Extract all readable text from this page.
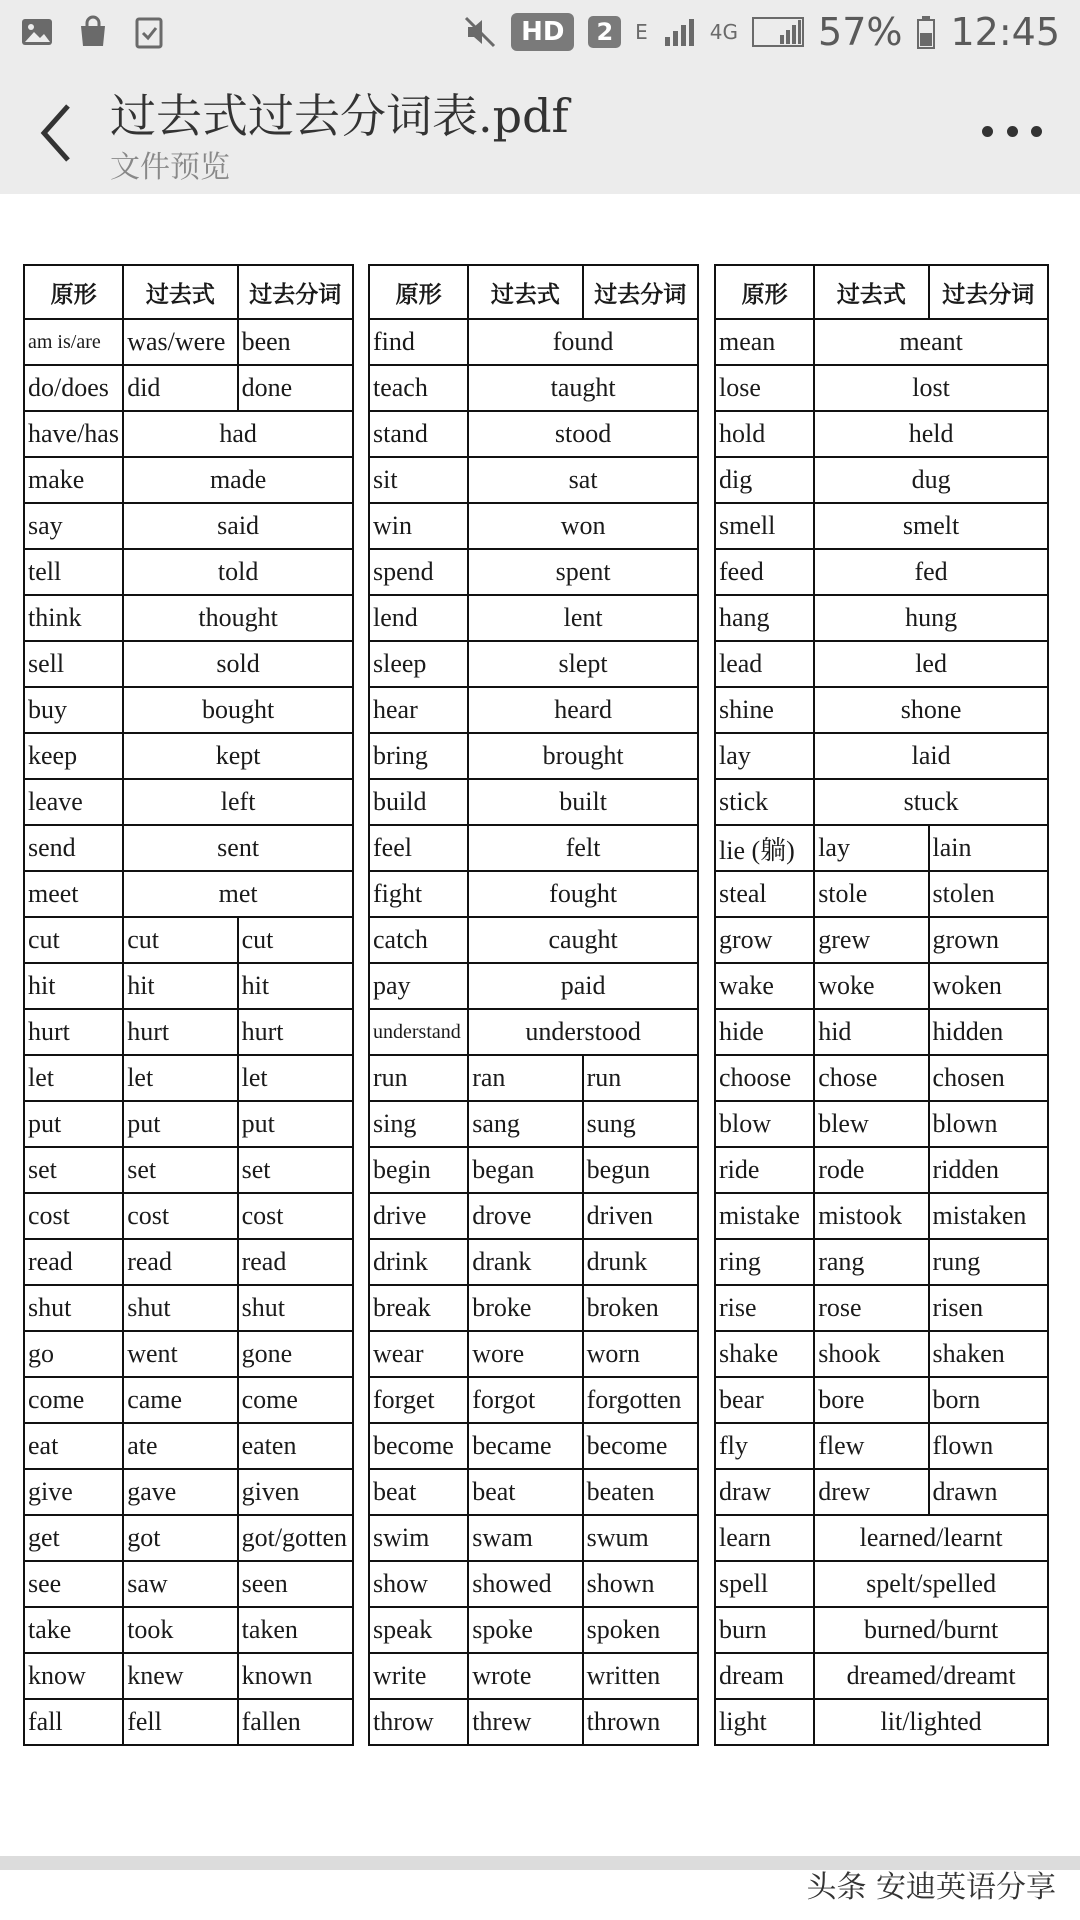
HD	2	E	4G 57% 12:45
过去式过去分词表.pdf
文件预览
原形	过去式	过去分词
am is/are	was/were	been
do/does	did	done
have/has	had	
make	made	
say	said	
tell	told	
think	thought	
sell	sold	
buy	bought	
keep	kept	
leave	left	
send	sent	
meet	met	
cut	cut	cut
hit	hit	hit
hurt	hurt	hurt
let	let	let
put	put	put
set	set	set
cost	cost	cost
read	read	read
shut	shut	shut
go	went	gone
come	came	come
eat	ate	eaten
give	gave	given
get	got	got/gotten
see	saw	seen
take	took	taken
know	knew	known
fall	fell	fallen
原形	过去式	过去分词
find	found	
teach	taught	
stand	stood	
sit	sat	
win	won	
spend	spent	
lend	lent	
sleep	slept	
hear	heard	
bring	brought	
build	built	
feel	felt	
fight	fought	
catch	caught	
pay	paid	
understand	understood	
run	ran	run
sing	sang	sung
begin	began	begun
drive	drove	driven
drink	drank	drunk
break	broke	broken
wear	wore	worn
forget	forgot	forgotten
become	became	become
beat	beat	beaten
swim	swam	swum
show	showed	shown
speak	spoke	spoken
write	wrote	written
throw	threw	thrown
原形	过去式	过去分词
mean	meant	
lose	lost	
hold	held	
dig	dug	
smell	smelt	
feed	fed	
hang	hung	
lead	led	
shine	shone	
lay	laid	
stick	stuck	
lie (躺)	lay	lain
steal	stole	stolen
grow	grew	grown
wake	woke	woken
hide	hid	hidden
choose	chose	chosen
blow	blew	blown
ride	rode	ridden
mistake	mistook	mistaken
ring	rang	rung
rise	rose	risen
shake	shook	shaken
bear	bore	born
fly	flew	flown
draw	drew	drawn
learn	learned/learnt	
spell	spelt/spelled	
burn	burned/burnt	
dream	dreamed/dreamt	
light	lit/lighted	
头条 安迪英语分享
